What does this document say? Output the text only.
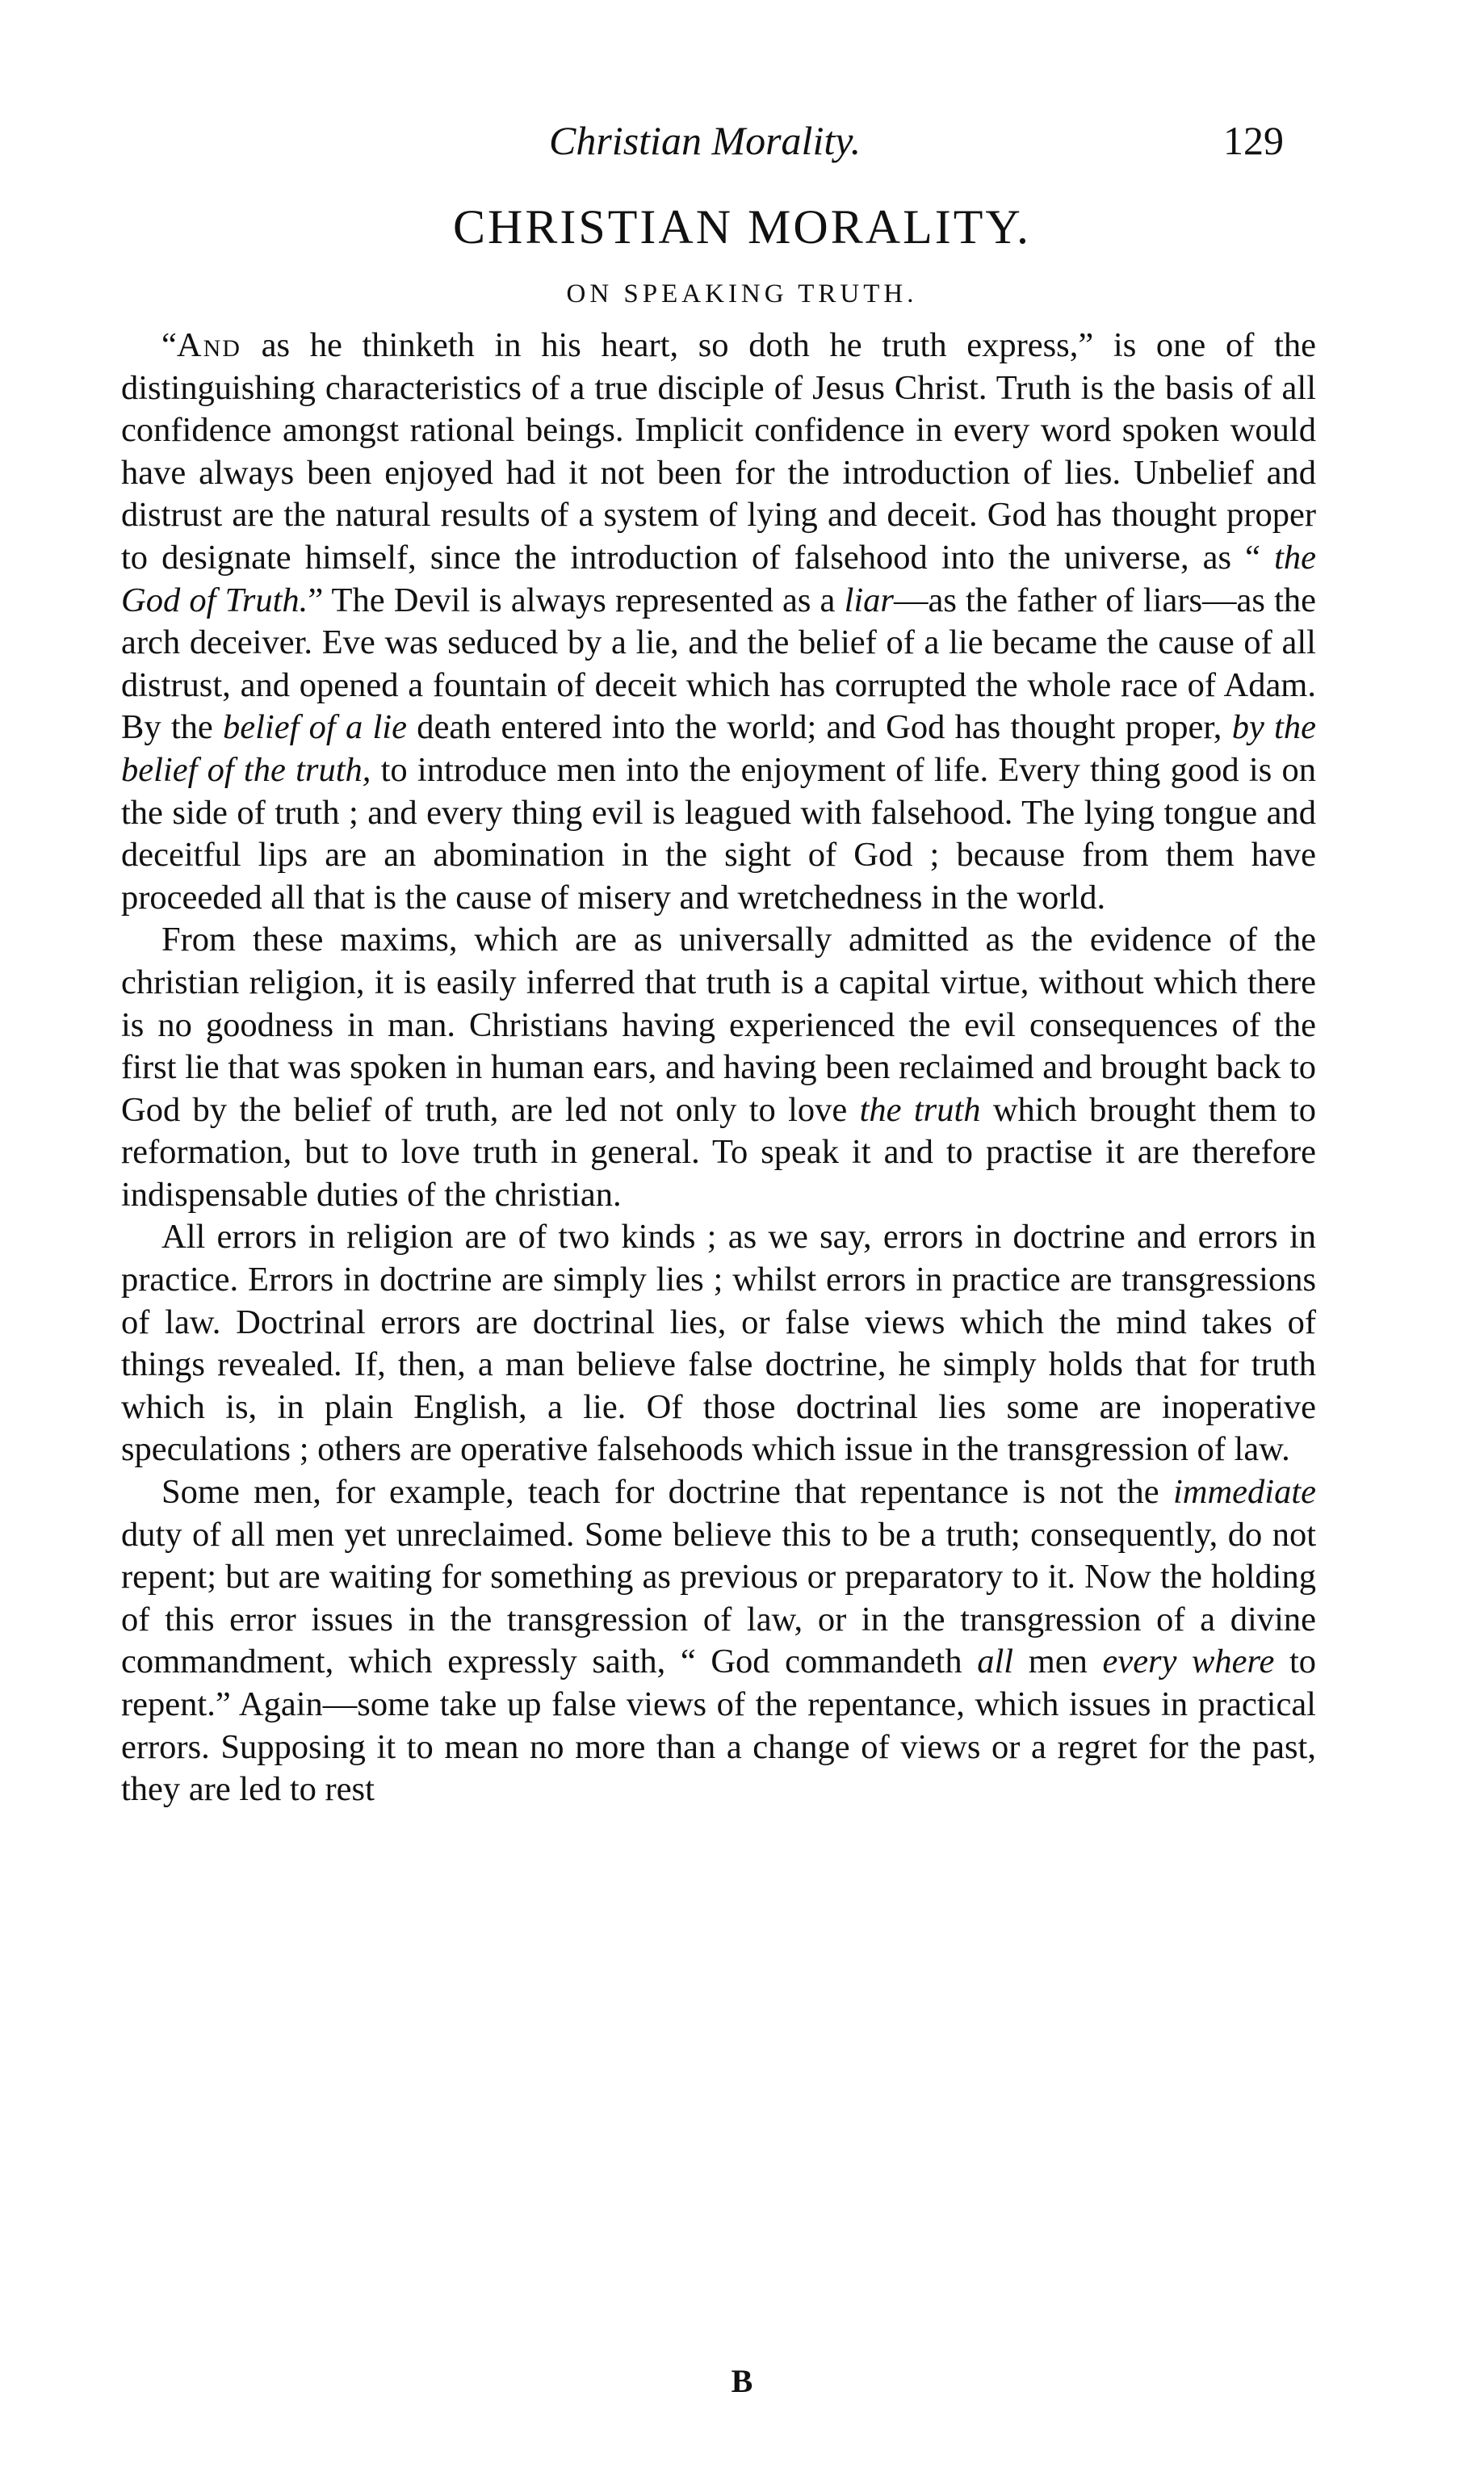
Christian Morality.	129
CHRISTIAN MORALITY.
ON SPEAKING TRUTH.

“And as he thinketh in his heart, so doth he truth express,” is one of the distinguishing characteristics of a true disciple of Jesus Christ. Truth is the basis of all confidence amongst rational beings. Implicit confidence in every word spoken would have always been enjoyed had it not been for the introduction of lies. Unbelief and distrust are the natural results of a system of lying and deceit. God has thought proper to designate himself, since the introduction of falsehood into the universe, as “ the God of Truth.” The Devil is always represented as a liar—as the father of liars—as the arch deceiver. Eve was seduced by a lie, and the belief of a lie became the cause of all distrust, and opened a fountain of deceit which has corrupted the whole race of Adam. By the belief of a lie death entered into the world; and God has thought proper, by the belief of the truth, to introduce men into the enjoyment of life. Every thing good is on the side of truth ; and every thing evil is leagued with falsehood. The lying tongue and deceitful lips are an abomination in the sight of God ; because from them have proceeded all that is the cause of misery and wretchedness in the world.

From these maxims, which are as universally admitted as the evidence of the christian religion, it is easily inferred that truth is a capital virtue, without which there is no goodness in man. Christians having experienced the evil consequences of the first lie that was spoken in human ears, and having been reclaimed and brought back to God by the belief of truth, are led not only to love the truth which brought them to reformation, but to love truth in general. To speak it and to practise it are therefore indispensable duties of the christian.

All errors in religion are of two kinds ; as we say, errors in doctrine and errors in practice. Errors in doctrine are simply lies ; whilst errors in practice are transgressions of law. Doctrinal errors are doctrinal lies, or false views which the mind takes of things revealed. If, then, a man believe false doctrine, he simply holds that for truth which is, in plain English, a lie. Of those doctrinal lies some are inoperative speculations ; others are operative falsehoods which issue in the transgression of law.

Some men, for example, teach for doctrine that repentance is not the immediate duty of all men yet unreclaimed. Some believe this to be a truth; consequently, do not repent; but are waiting for something as previous or preparatory to it. Now the holding of this error issues in the transgression of law, or in the transgression of a divine commandment, which expressly saith, “ God commandeth all men every where to repent.” Again—some take up false views of the repentance, which issues in practical errors. Supposing it to mean no more than a change of views or a regret for the past, they are led to rest

B
